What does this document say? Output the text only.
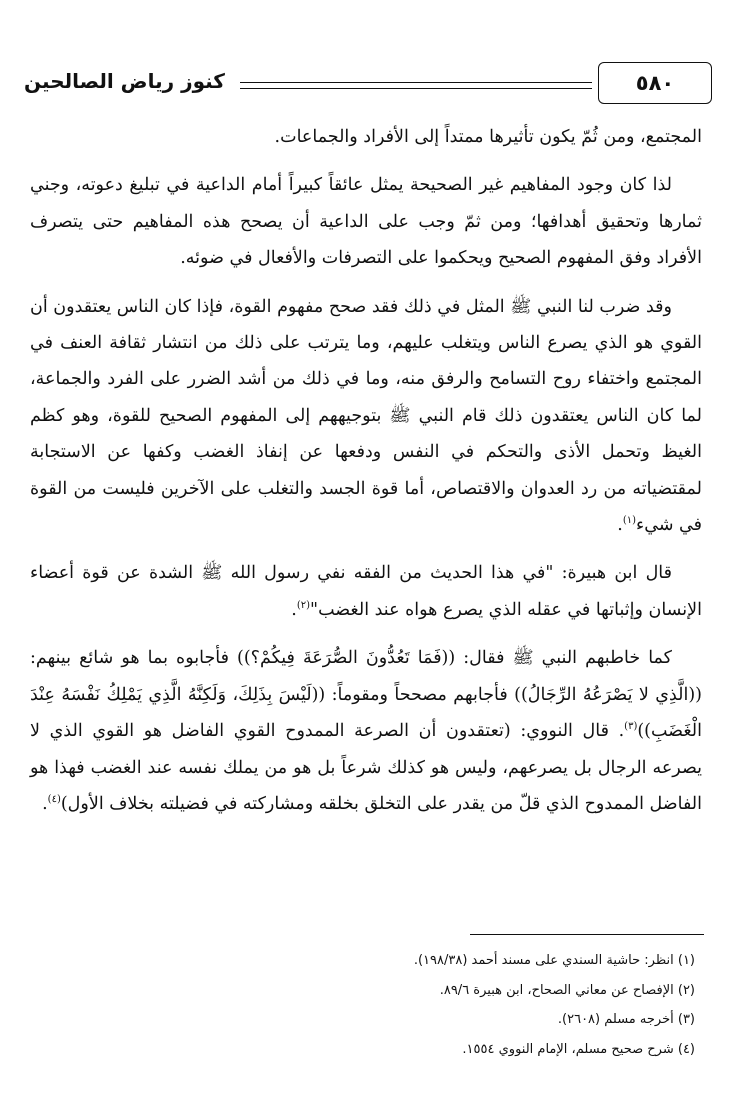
٥٨٠
كنوز رياض الصالحين

المجتمع، ومن ثُمّ يكون تأثيرها ممتداً إلى الأفراد والجماعات.

لذا كان وجود المفاهيم غير الصحيحة يمثل عائقاً كبيراً أمام الداعية في تبليغ دعوته، وجني ثمارها وتحقيق أهدافها؛ ومن ثمّ وجب على الداعية أن يصحح هذه المفاهيم حتى يتصرف الأفراد وفق المفهوم الصحيح ويحكموا على التصرفات والأفعال في ضوئه.

وقد ضرب لنا النبي ﷺ المثل في ذلك فقد صحح مفهوم القوة، فإذا كان الناس يعتقدون أن القوي هو الذي يصرع الناس ويتغلب عليهم، وما يترتب على ذلك من انتشار ثقافة العنف في المجتمع واختفاء روح التسامح والرفق منه، وما في ذلك من أشد الضرر على الفرد والجماعة، لما كان الناس يعتقدون ذلك قام النبي ﷺ بتوجيههم إلى المفهوم الصحيح للقوة، وهو كظم الغيظ وتحمل الأذى والتحكم في النفس ودفعها عن إنفاذ الغضب وكفها عن الاستجابة لمقتضياته من رد العدوان والاقتصاص، أما قوة الجسد والتغلب على الآخرين فليست من القوة في شيء$^{(١)}$.

قال ابن هبيرة: "في هذا الحديث من الفقه نفي رسول الله ﷺ الشدة عن قوة أعضاء الإنسان وإثباتها في عقله الذي يصرع هواه عند الغضب"$^{(٢)}$.

كما خاطبهم النبي ﷺ فقال: ((فَمَا تَعُدُّونَ الصُّرَعَةَ فِيكُمْ؟)) فأجابوه بما هو شائع بينهم: ((الَّذِي لا يَصْرَعُهُ الرِّجَالُ)) فأجابهم مصححاً ومقوماً: ((لَيْسَ بِذَلِكَ، وَلَكِنَّهُ الَّذِي يَمْلِكُ نَفْسَهُ عِنْدَ الْغَضَبِ))$^{(٣)}$. قال النووي: (تعتقدون أن الصرعة الممدوح القوي الفاضل هو القوي الذي لا يصرعه الرجال بل يصرعهم، وليس هو كذلك شرعاً بل هو من يملك نفسه عند الغضب فهذا هو الفاضل الممدوح الذي قلّ من يقدر على التخلق بخلقه ومشاركته في فضيلته بخلاف الأول)$^{(٤)}$.

(١) انظر: حاشية السندي على مسند أحمد (١٩٨/٣٨).
(٢) الإفصاح عن معاني الصحاح، ابن هبيرة ٨٩/٦.
(٣) أخرجه مسلم (٢٦٠٨).
(٤) شرح صحيح مسلم، الإمام النووي ١٥٥٤.
